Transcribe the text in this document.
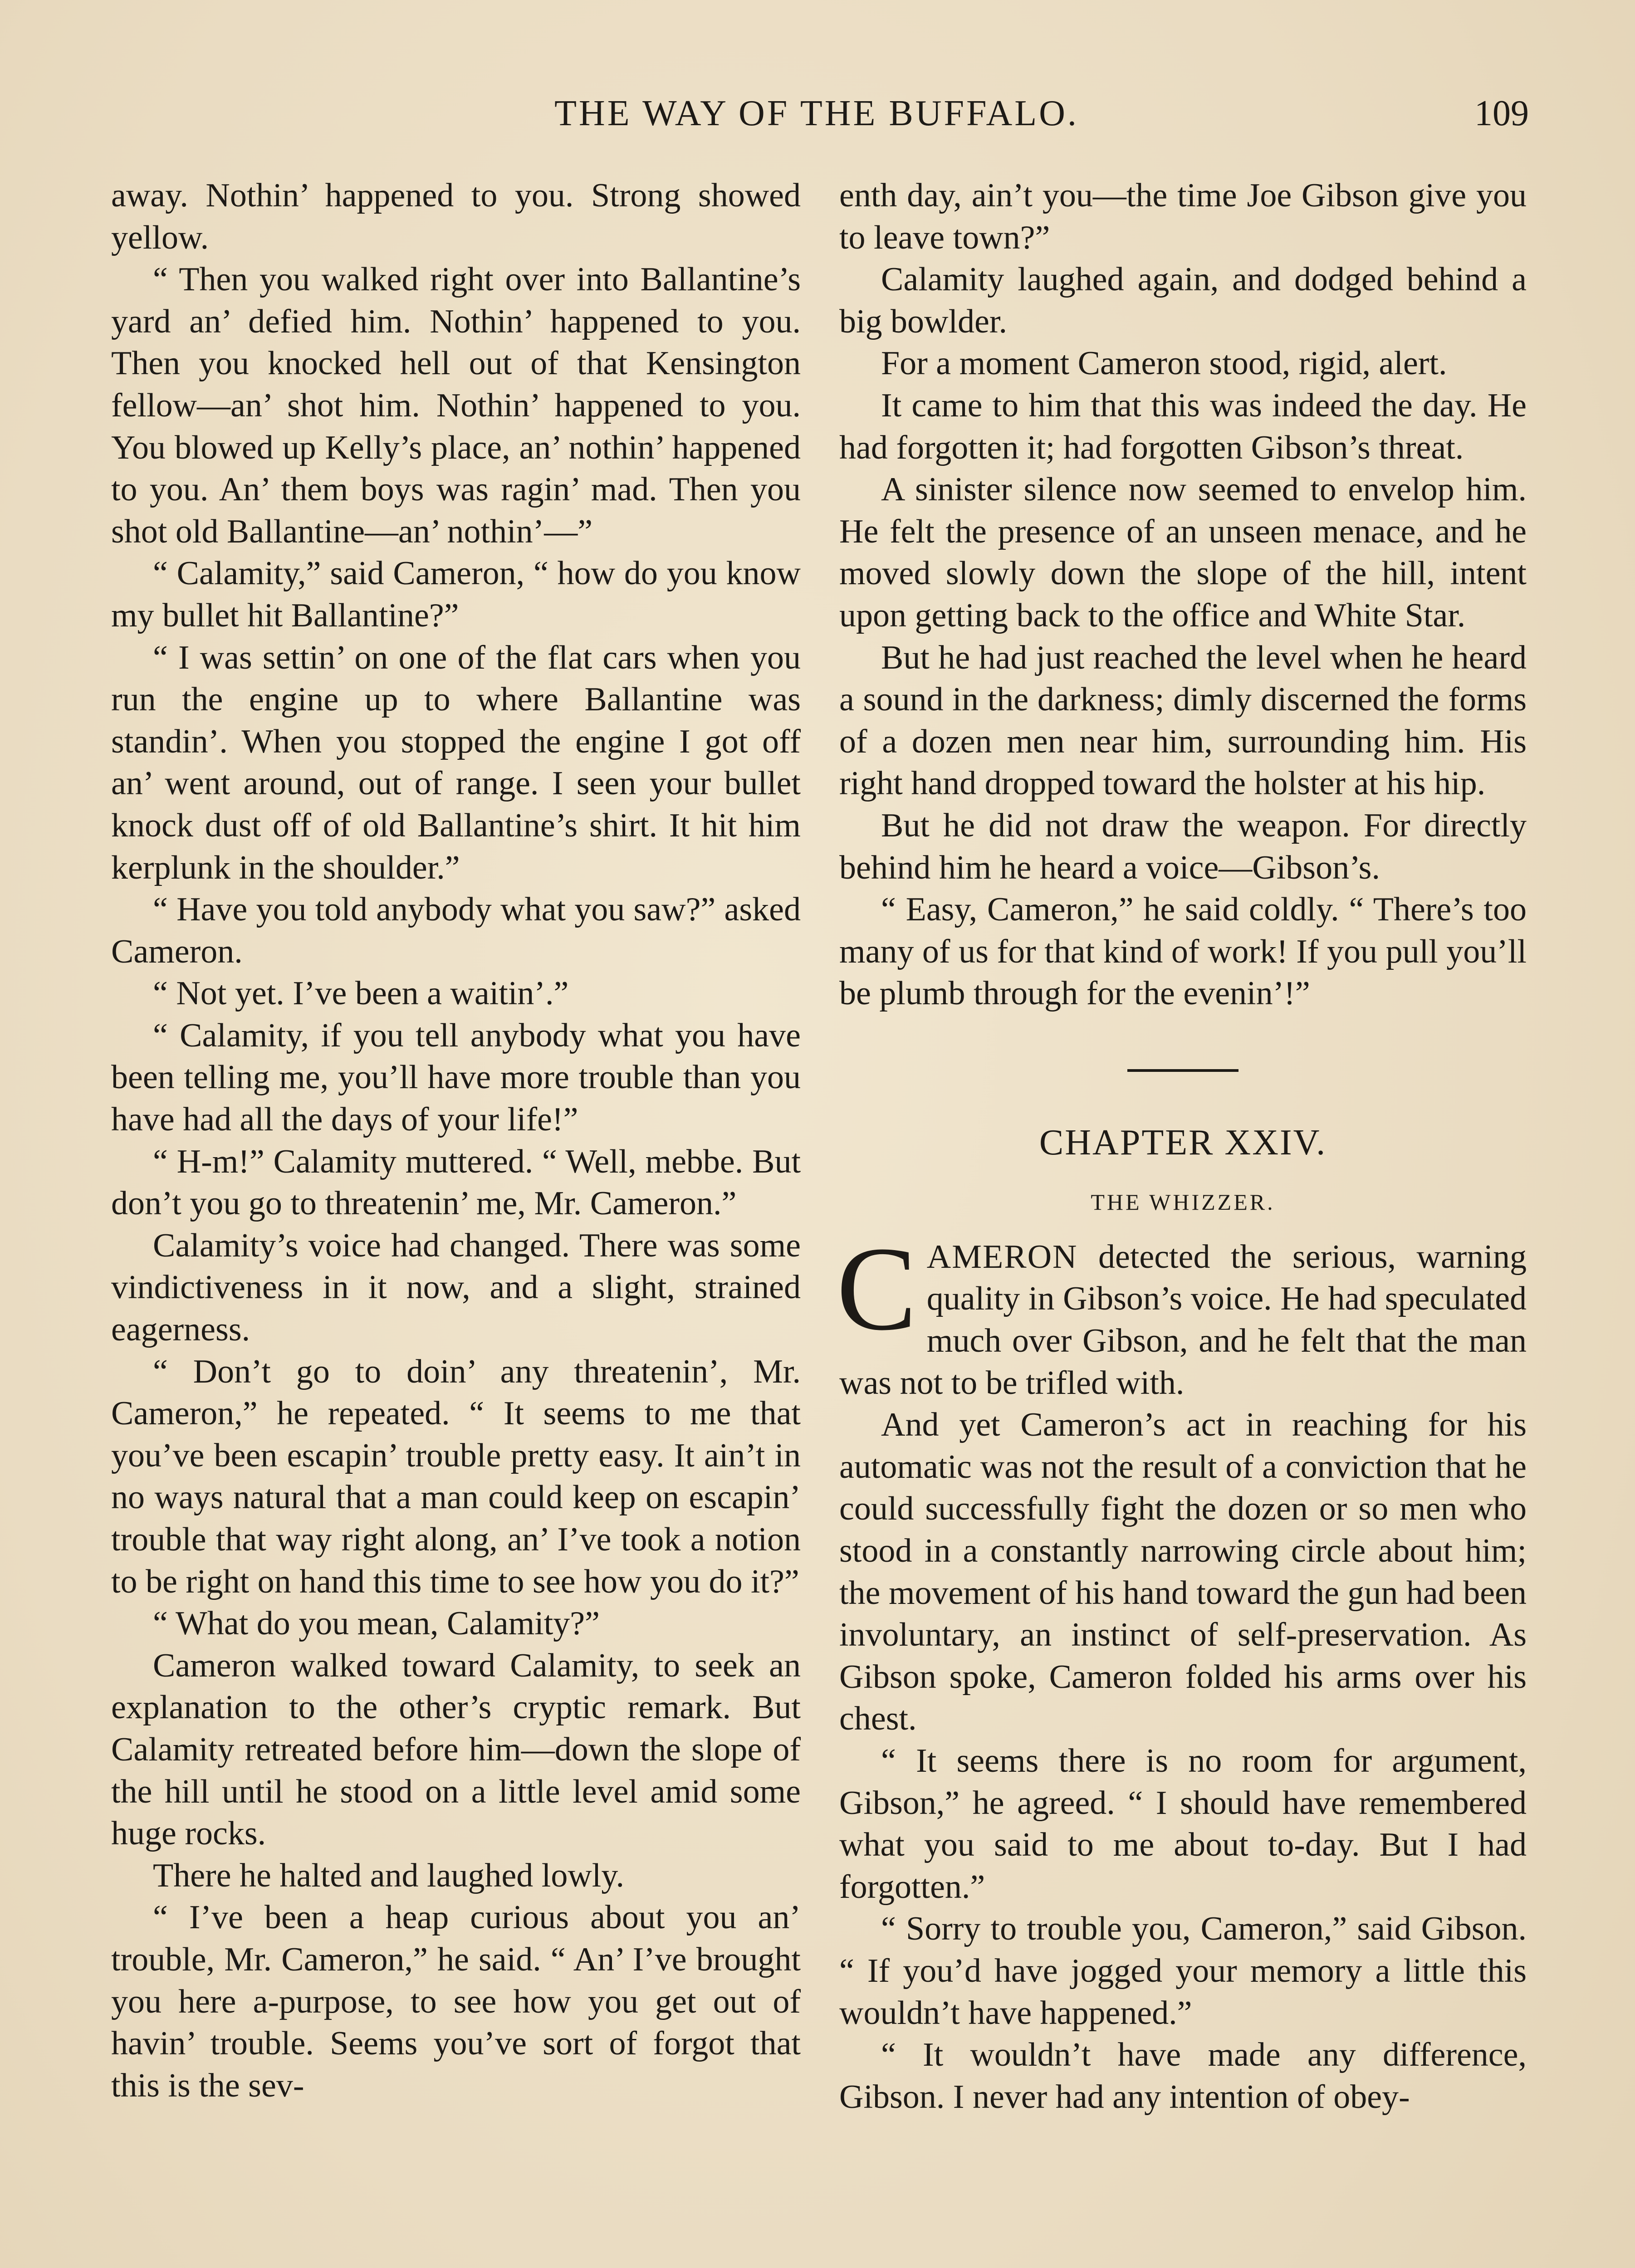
THE WAY OF THE BUFFALO.	109

away. Nothin’ happened to you. Strong showed yellow.

“ Then you walked right over into Ballantine’s yard an’ defied him. Nothin’ happened to you. Then you knocked hell out of that Kensington fellow—an’ shot him. Nothin’ happened to you. You blowed up Kelly’s place, an’ nothin’ happened to you. An’ them boys was ragin’ mad. Then you shot old Ballantine—an’ nothin’—”

“ Calamity,” said Cameron, “ how do you know my bullet hit Ballantine?”

“ I was settin’ on one of the flat cars when you run the engine up to where Ballantine was standin’. When you stopped the engine I got off an’ went around, out of range. I seen your bullet knock dust off of old Ballantine’s shirt. It hit him kerplunk in the shoulder.”

“ Have you told anybody what you saw?” asked Cameron.

“ Not yet. I’ve been a waitin’.”

“ Calamity, if you tell anybody what you have been telling me, you’ll have more trouble than you have had all the days of your life!”

“ H-m!” Calamity muttered. “ Well, mebbe. But don’t you go to threatenin’ me, Mr. Cameron.”

Calamity’s voice had changed. There was some vindictiveness in it now, and a slight, strained eagerness.

“ Don’t go to doin’ any threatenin’, Mr. Cameron,” he repeated. “ It seems to me that you’ve been escapin’ trouble pretty easy. It ain’t in no ways natural that a man could keep on escapin’ trouble that way right along, an’ I’ve took a notion to be right on hand this time to see how you do it?”

“ What do you mean, Calamity?”

Cameron walked toward Calamity, to seek an explanation to the other’s cryptic remark. But Calamity retreated before him—down the slope of the hill until he stood on a little level amid some huge rocks.

There he halted and laughed lowly.

“ I’ve been a heap curious about you an’ trouble, Mr. Cameron,” he said. “ An’ I’ve brought you here a-purpose, to see how you get out of havin’ trouble. Seems you’ve sort of forgot that this is the sev-

enth day, ain’t you—the time Joe Gibson give you to leave town?”

Calamity laughed again, and dodged behind a big bowlder.

For a moment Cameron stood, rigid, alert.

It came to him that this was indeed the day. He had forgotten it; had forgotten Gibson’s threat.

A sinister silence now seemed to envelop him. He felt the presence of an unseen menace, and he moved slowly down the slope of the hill, intent upon getting back to the office and White Star.

But he had just reached the level when he heard a sound in the darkness; dimly discerned the forms of a dozen men near him, surrounding him. His right hand dropped toward the holster at his hip.

But he did not draw the weapon. For directly behind him he heard a voice—Gibson’s.

“ Easy, Cameron,” he said coldly. “ There’s too many of us for that kind of work! If you pull you’ll be plumb through for the evenin’!”

CHAPTER XXIV.
THE WHIZZER.

CAMERON detected the serious, warning quality in Gibson’s voice. He had speculated much over Gibson, and he felt that the man was not to be trifled with.

And yet Cameron’s act in reaching for his automatic was not the result of a conviction that he could successfully fight the dozen or so men who stood in a constantly narrowing circle about him; the movement of his hand toward the gun had been involuntary, an instinct of self-preservation. As Gibson spoke, Cameron folded his arms over his chest.

“ It seems there is no room for argument, Gibson,” he agreed. “ I should have remembered what you said to me about to-day. But I had forgotten.”

“ Sorry to trouble you, Cameron,” said Gibson. “ If you’d have jogged your memory a little this wouldn’t have happened.”

“ It wouldn’t have made any difference, Gibson. I never had any intention of obey-
